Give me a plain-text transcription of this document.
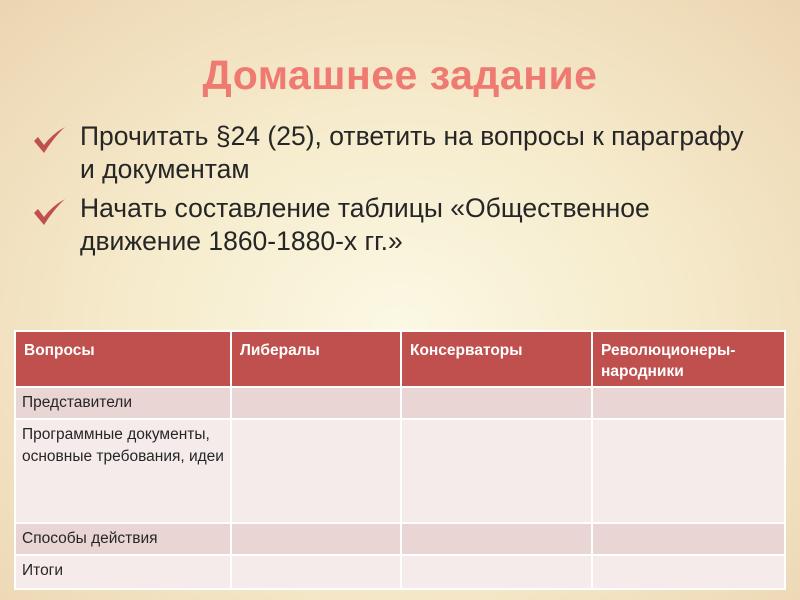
Домашнее задание
Прочитать §24 (25), ответить на вопросы к параграфу и документам
Начать составление таблицы «Общественное движение 1860-1880-х гг.»
Вопросы	Либералы	Консерваторы	Революционеры-народники
Представители			
Программные документы, основные требования, идеи			
Способы действия			
Итоги			
